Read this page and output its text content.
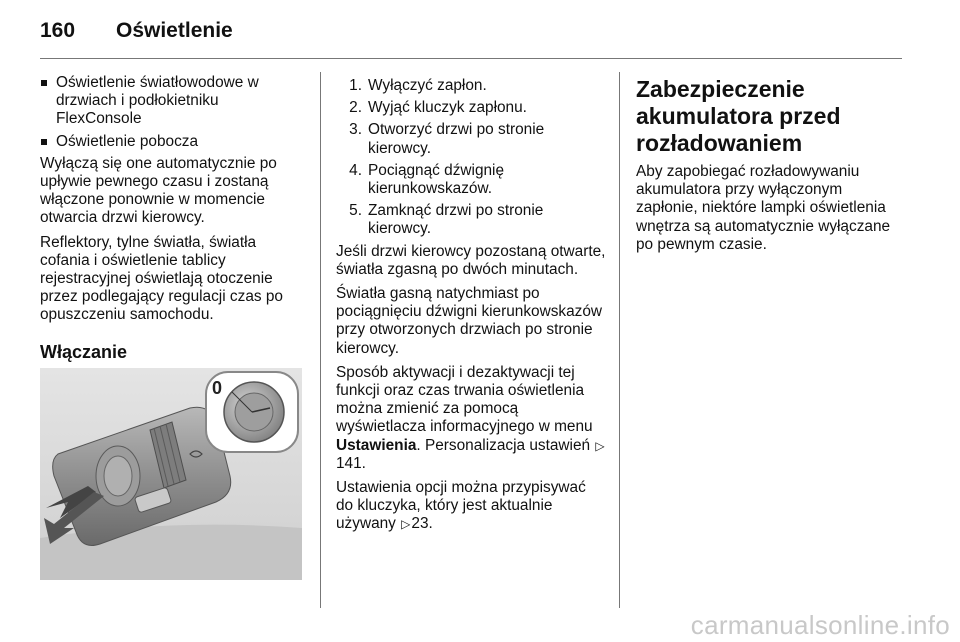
160	Oświetlenie
Oświetlenie światłowodowe w drzwiach i podłokietniku FlexConsole
Oświetlenie pobocza

Wyłączą się one automatycznie po upływie pewnego czasu i zostaną włączone ponownie w momencie otwarcia drzwi kierowcy.

Reflektory, tylne światła, światła cofania i oświetlenie tablicy rejestracyjnej oświetlają otoczenie przez podlegający regulacji czas po opuszczeniu samochodu.

Włączanie
0
1. Wyłączyć zapłon.
2. Wyjąć kluczyk zapłonu.
3. Otworzyć drzwi po stronie kierowcy.
4. Pociągnąć dźwignię kierunkowskazów.
5. Zamknąć drzwi po stronie kierowcy.

Jeśli drzwi kierowcy pozostaną otwarte, światła zgasną po dwóch minutach.

Światła gasną natychmiast po pociągnięciu dźwigni kierunkowskazów przy otworzonych drzwiach po stronie kierowcy.

Sposób aktywacji i dezaktywacji tej funkcji oraz czas trwania oświetlenia można zmienić za pomocą wyświetlacza informacyjnego w menu Ustawienia. Personalizacja ustawień ▷141.

Ustawienia opcji można przypisywać do kluczyka, który jest aktualnie używany ▷23.

Zabezpieczenie akumulatora przed rozładowaniem

Aby zapobiegać rozładowywaniu akumulatora przy wyłączonym zapłonie, niektóre lampki oświetlenia wnętrza są automatycznie wyłączane po pewnym czasie.

carmanualsonline.info
